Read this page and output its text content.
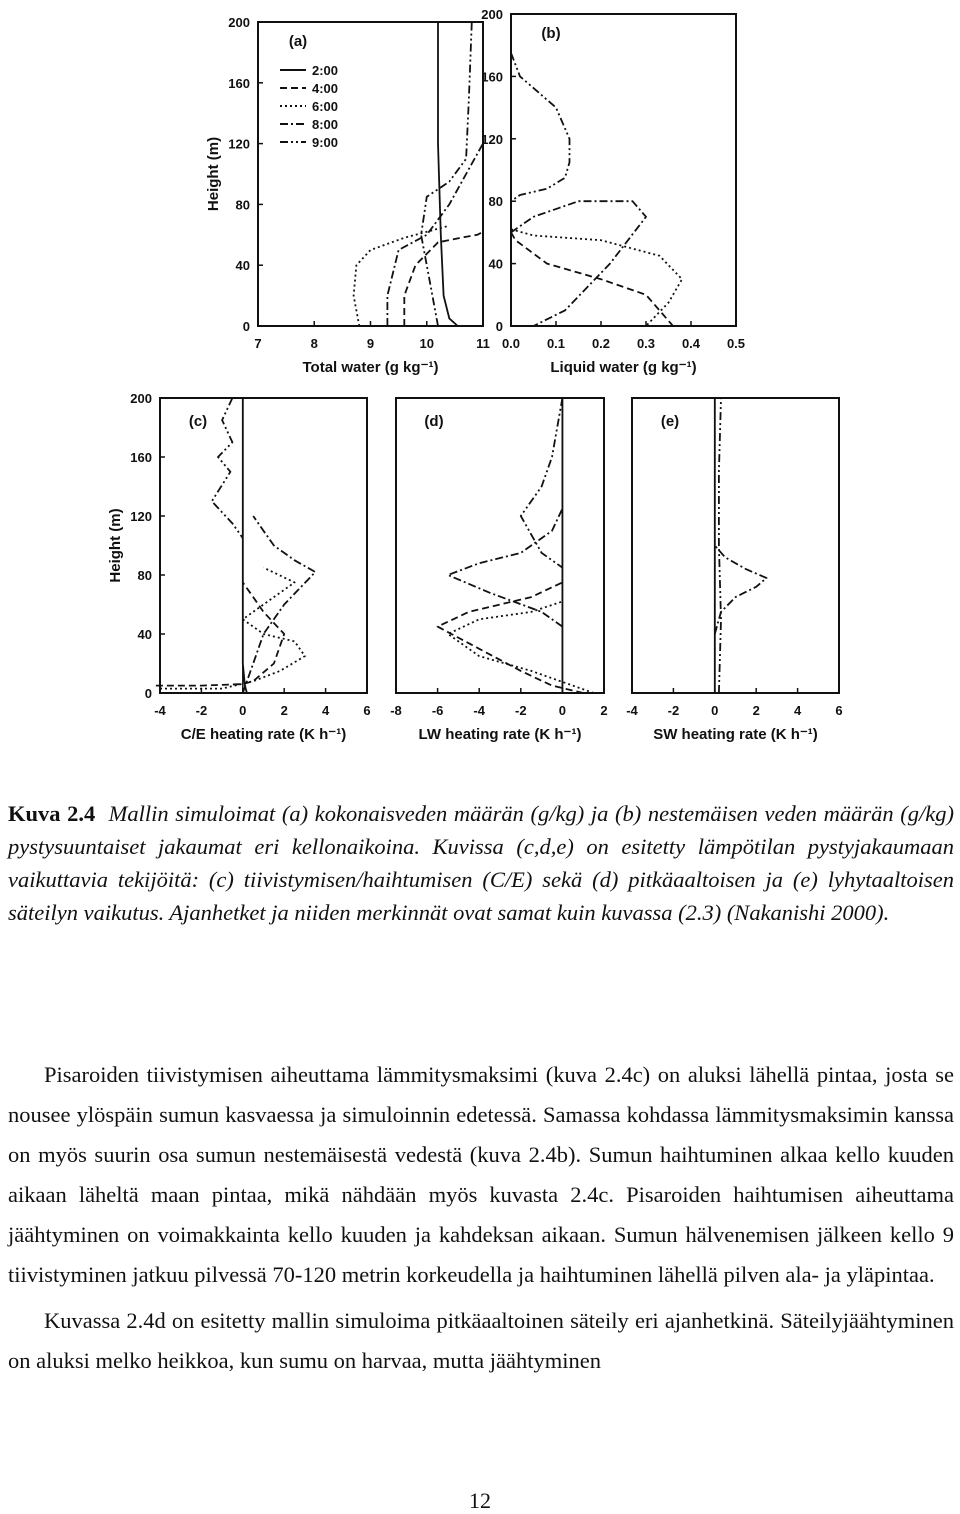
(a)
7	8	9	10	11
0
40
80
120
160
200
Total water (g kg⁻¹)
Height (m)
(b)
0.0 0.1 0.2 0.3 0.4 0.5
0
40
80
120
160
200
Liquid water (g kg⁻¹)
(c)
-4 -2 0	2	4	6
0
40
80
120
160
200
C/E heating rate (K h⁻¹)
Height (m)
(d)
-8 -6 -4 -2 0	2
LW heating rate (K h⁻¹)
(e)
-4 -2 0	2	4	6
SW heating rate (K h⁻¹)
2:00
4:00
6:00
8:00
9:00
Kuva 2.4 Mallin simuloimat (a) kokonaisveden määrän (g/kg) ja (b) nestemäisen veden määrän (g/kg) pystysuuntaiset jakaumat eri kellonaikoina. Kuvissa (c,d,e) on esitetty lämpötilan pystyjakaumaan vaikuttavia tekijöitä: (c) tiivistymisen/haihtumisen (C/E) sekä (d) pitkäaaltoisen ja (e) lyhytaaltoisen säteilyn vaikutus. Ajanhetket ja niiden merkinnät ovat samat kuin kuvassa (2.3) (Nakanishi 2000).

Pisaroiden tiivistymisen aiheuttama lämmitysmaksimi (kuva 2.4c) on aluksi lähellä pintaa, josta se nousee ylöspäin sumun kasvaessa ja simuloinnin edetessä. Samassa kohdassa lämmitysmaksimin kanssa on myös suurin osa sumun nestemäisestä vedestä (kuva 2.4b). Sumun haihtuminen alkaa kello kuuden aikaan läheltä maan pintaa, mikä nähdään myös kuvasta 2.4c. Pisaroiden haihtumisen aiheuttama jäähtyminen on voimakkainta kello kuuden ja kahdeksan aikaan. Sumun hälvenemisen jälkeen kello 9 tiivistyminen jatkuu pilvessä 70-120 metrin korkeudella ja haihtuminen lähellä pilven ala- ja yläpintaa.

Kuvassa 2.4d on esitetty mallin simuloima pitkäaaltoinen säteily eri ajanhetkinä. Säteilyjäähtyminen on aluksi melko heikkoa, kun sumu on harvaa, mutta jäähtyminen

12
